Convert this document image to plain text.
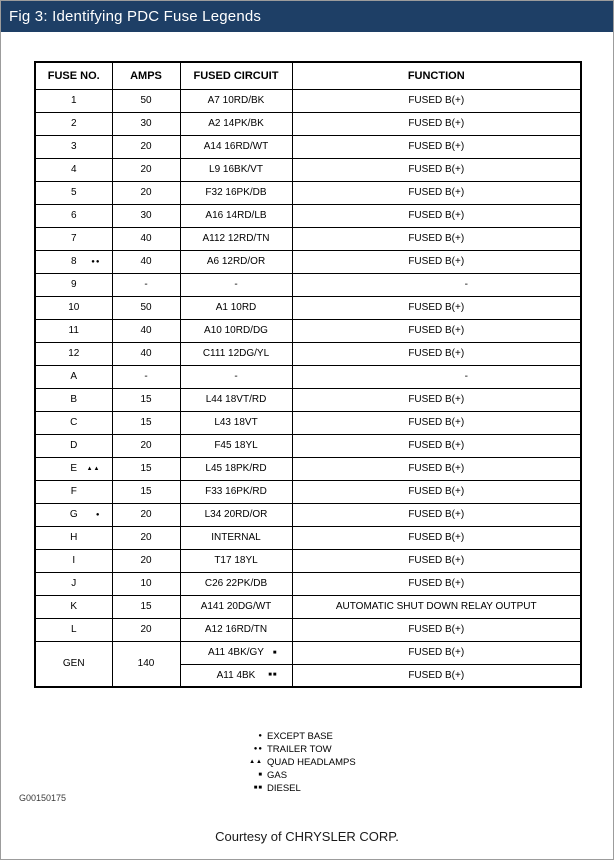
Fig 3: Identifying PDC Fuse Legends
FUSE NO.	AMPS	FUSED CIRCUIT	FUNCTION
1	50	A7 10RD/BK	FUSED B(+)
2	30	A2 14PK/BK	FUSED B(+)
3	20	A14 16RD/WT	FUSED B(+)
4	20	L9 16BK/VT	FUSED B(+)
5	20	F32 16PK/DB	FUSED B(+)
6	30	A16 14RD/LB	FUSED B(+)
7	40	A112 12RD/TN	FUSED B(+)
8 ●●	40	A6 12RD/OR	FUSED B(+)
9	-	-	-
10	50	A1 10RD	FUSED B(+)
11	40	A10 10RD/DG	FUSED B(+)
12	40	C111 12DG/YL	FUSED B(+)
A	-	-	-
B	15	L44 18VT/RD	FUSED B(+)
C	15	L43 18VT	FUSED B(+)
D	20	F45 18YL	FUSED B(+)
E ▲▲	15	L45 18PK/RD	FUSED B(+)
F	15	F33 16PK/RD	FUSED B(+)
G ●	20	L34 20RD/OR	FUSED B(+)
H	20	INTERNAL	FUSED B(+)
I	20	T17 18YL	FUSED B(+)
J	10	C26 22PK/DB	FUSED B(+)
K	15	A141 20DG/WT	AUTOMATIC SHUT DOWN RELAY OUTPUT
L	20	A12 16RD/TN	FUSED B(+)
GEN	140	A11 4BK/GY ■	FUSED B(+)
		A11 4BK ■■	FUSED B(+)
● EXCEPT BASE
●● TRAILER TOW
▲▲ QUAD HEADLAMPS
■ GAS
■■ DIESEL
G00150175
Courtesy of CHRYSLER CORP.
